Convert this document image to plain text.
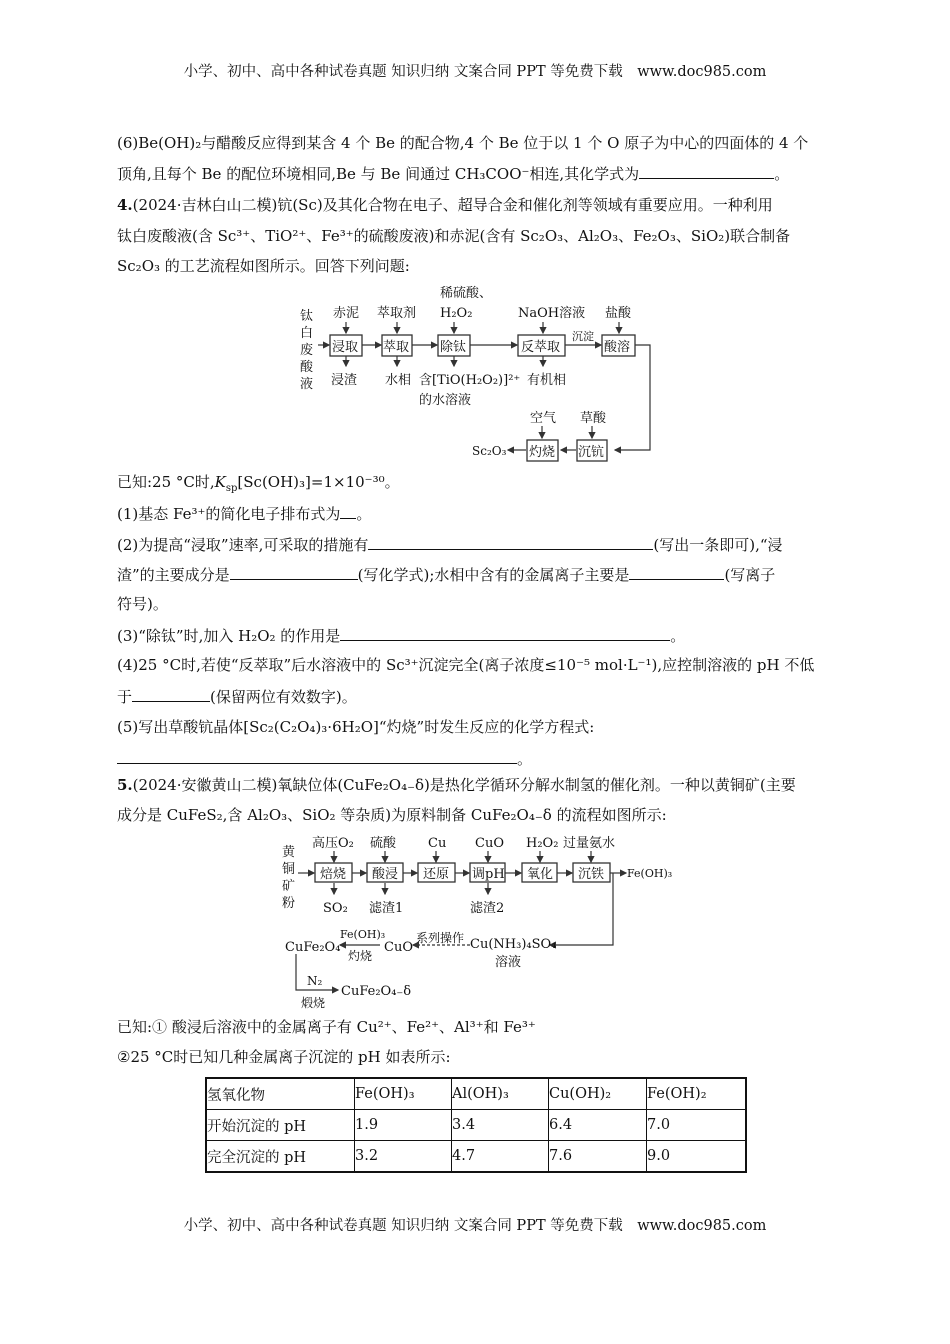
小学、初中、高中各种试卷真题 知识归纳 文案合同 PPT 等免费下载　www.doc985.com
(6)Be(OH)₂与醋酸反应得到某含 4 个 Be 的配合物,4 个 Be 位于以 1 个 O 原子为中心的四面体的 4 个
顶角,且每个 Be 的配位环境相同,Be 与 Be 间通过 CH₃COO⁻相连,其化学式为	。
4.(2024·吉林白山二模)钪(Sc)及其化合物在电子、超导合金和催化剂等领域有重要应用。一种利用
钛白废酸液(含 Sc³⁺、TiO²⁺、Fe³⁺的硫酸废液)和赤泥(含有 Sc₂O₃、Al₂O₃、Fe₂O₃、SiO₂)联合制备
Sc₂O₃ 的工艺流程如图所示。回答下列问题:
钛
白
废
酸
液
赤泥 萃取剂
稀硫酸、
H₂O₂	NaOH溶液 盐酸
浸取 萃取 除钛	反萃取	酸溶
沉淀
浸渣 水相 含[TiO(H₂O₂)]²⁺
的水溶液
有机相
空气 草酸
灼烧 沉钪
Sc₂O₃
已知:25 °C时$,K_{sp}[Sc(OH)_3]=1\times 10^{-30}$。
(1)基态 Fe³⁺的简化电子排布式为 。
(2)为提高“浸取”速率,可采取的措施有	(写出一条即可),“浸
渣”的主要成分是	(写化学式);水相中含有的金属离子主要是	(写离子
符号)。
(3)“除钛”时,加入 H₂O₂ 的作用是	。
(4)25 °C时,若使“反萃取”后水溶液中的 Sc³⁺沉淀完全(离子浓度≤10⁻⁵ mol·L⁻¹),应控制溶液的 pH 不低
于	(保留两位有效数字)。
(5)写出草酸钪晶体[Sc₂(C₂O₄)₃·6H₂O]“灼烧”时发生反应的化学方程式:
。
5.(2024·安徽黄山二模)氧缺位体(CuFe₂O₄₋δ)是热化学循环分解水制氢的催化剂。一种以黄铜矿(主要
成分是 CuFeS₂,含 Al₂O₃、SiO₂ 等杂质)为原料制备 CuFe₂O₄₋δ 的流程如图所示:
黄
铜
矿
粉
高压O₂ 硫酸 Cu CuO H₂O₂ 过量氨水
焙烧 酸浸 还原 调pH 氧化 沉铁 Fe(OH)₃
SO₂ 滤渣1	滤渣2
Cu(NH₃)₄SO₄
溶液
系列操作
CuO
Fe(OH)₃
灼烧
CuFe₂O₄
N₂
煅烧
CuFe₂O₄₋δ
已知:① 酸浸后溶液中的金属离子有 Cu²⁺、Fe²⁺、Al³⁺和 Fe³⁺
②25 °C时已知几种金属离子沉淀的 pH 如表所示:
氢氧化物	Fe(OH)₃	Al(OH)₃	Cu(OH)₂	Fe(OH)₂
开始沉淀的 pH	1.9	3.4	6.4	7.0
完全沉淀的 pH	3.2	4.7	7.6	9.0
小学、初中、高中各种试卷真题 知识归纳 文案合同 PPT 等免费下载　www.doc985.com
